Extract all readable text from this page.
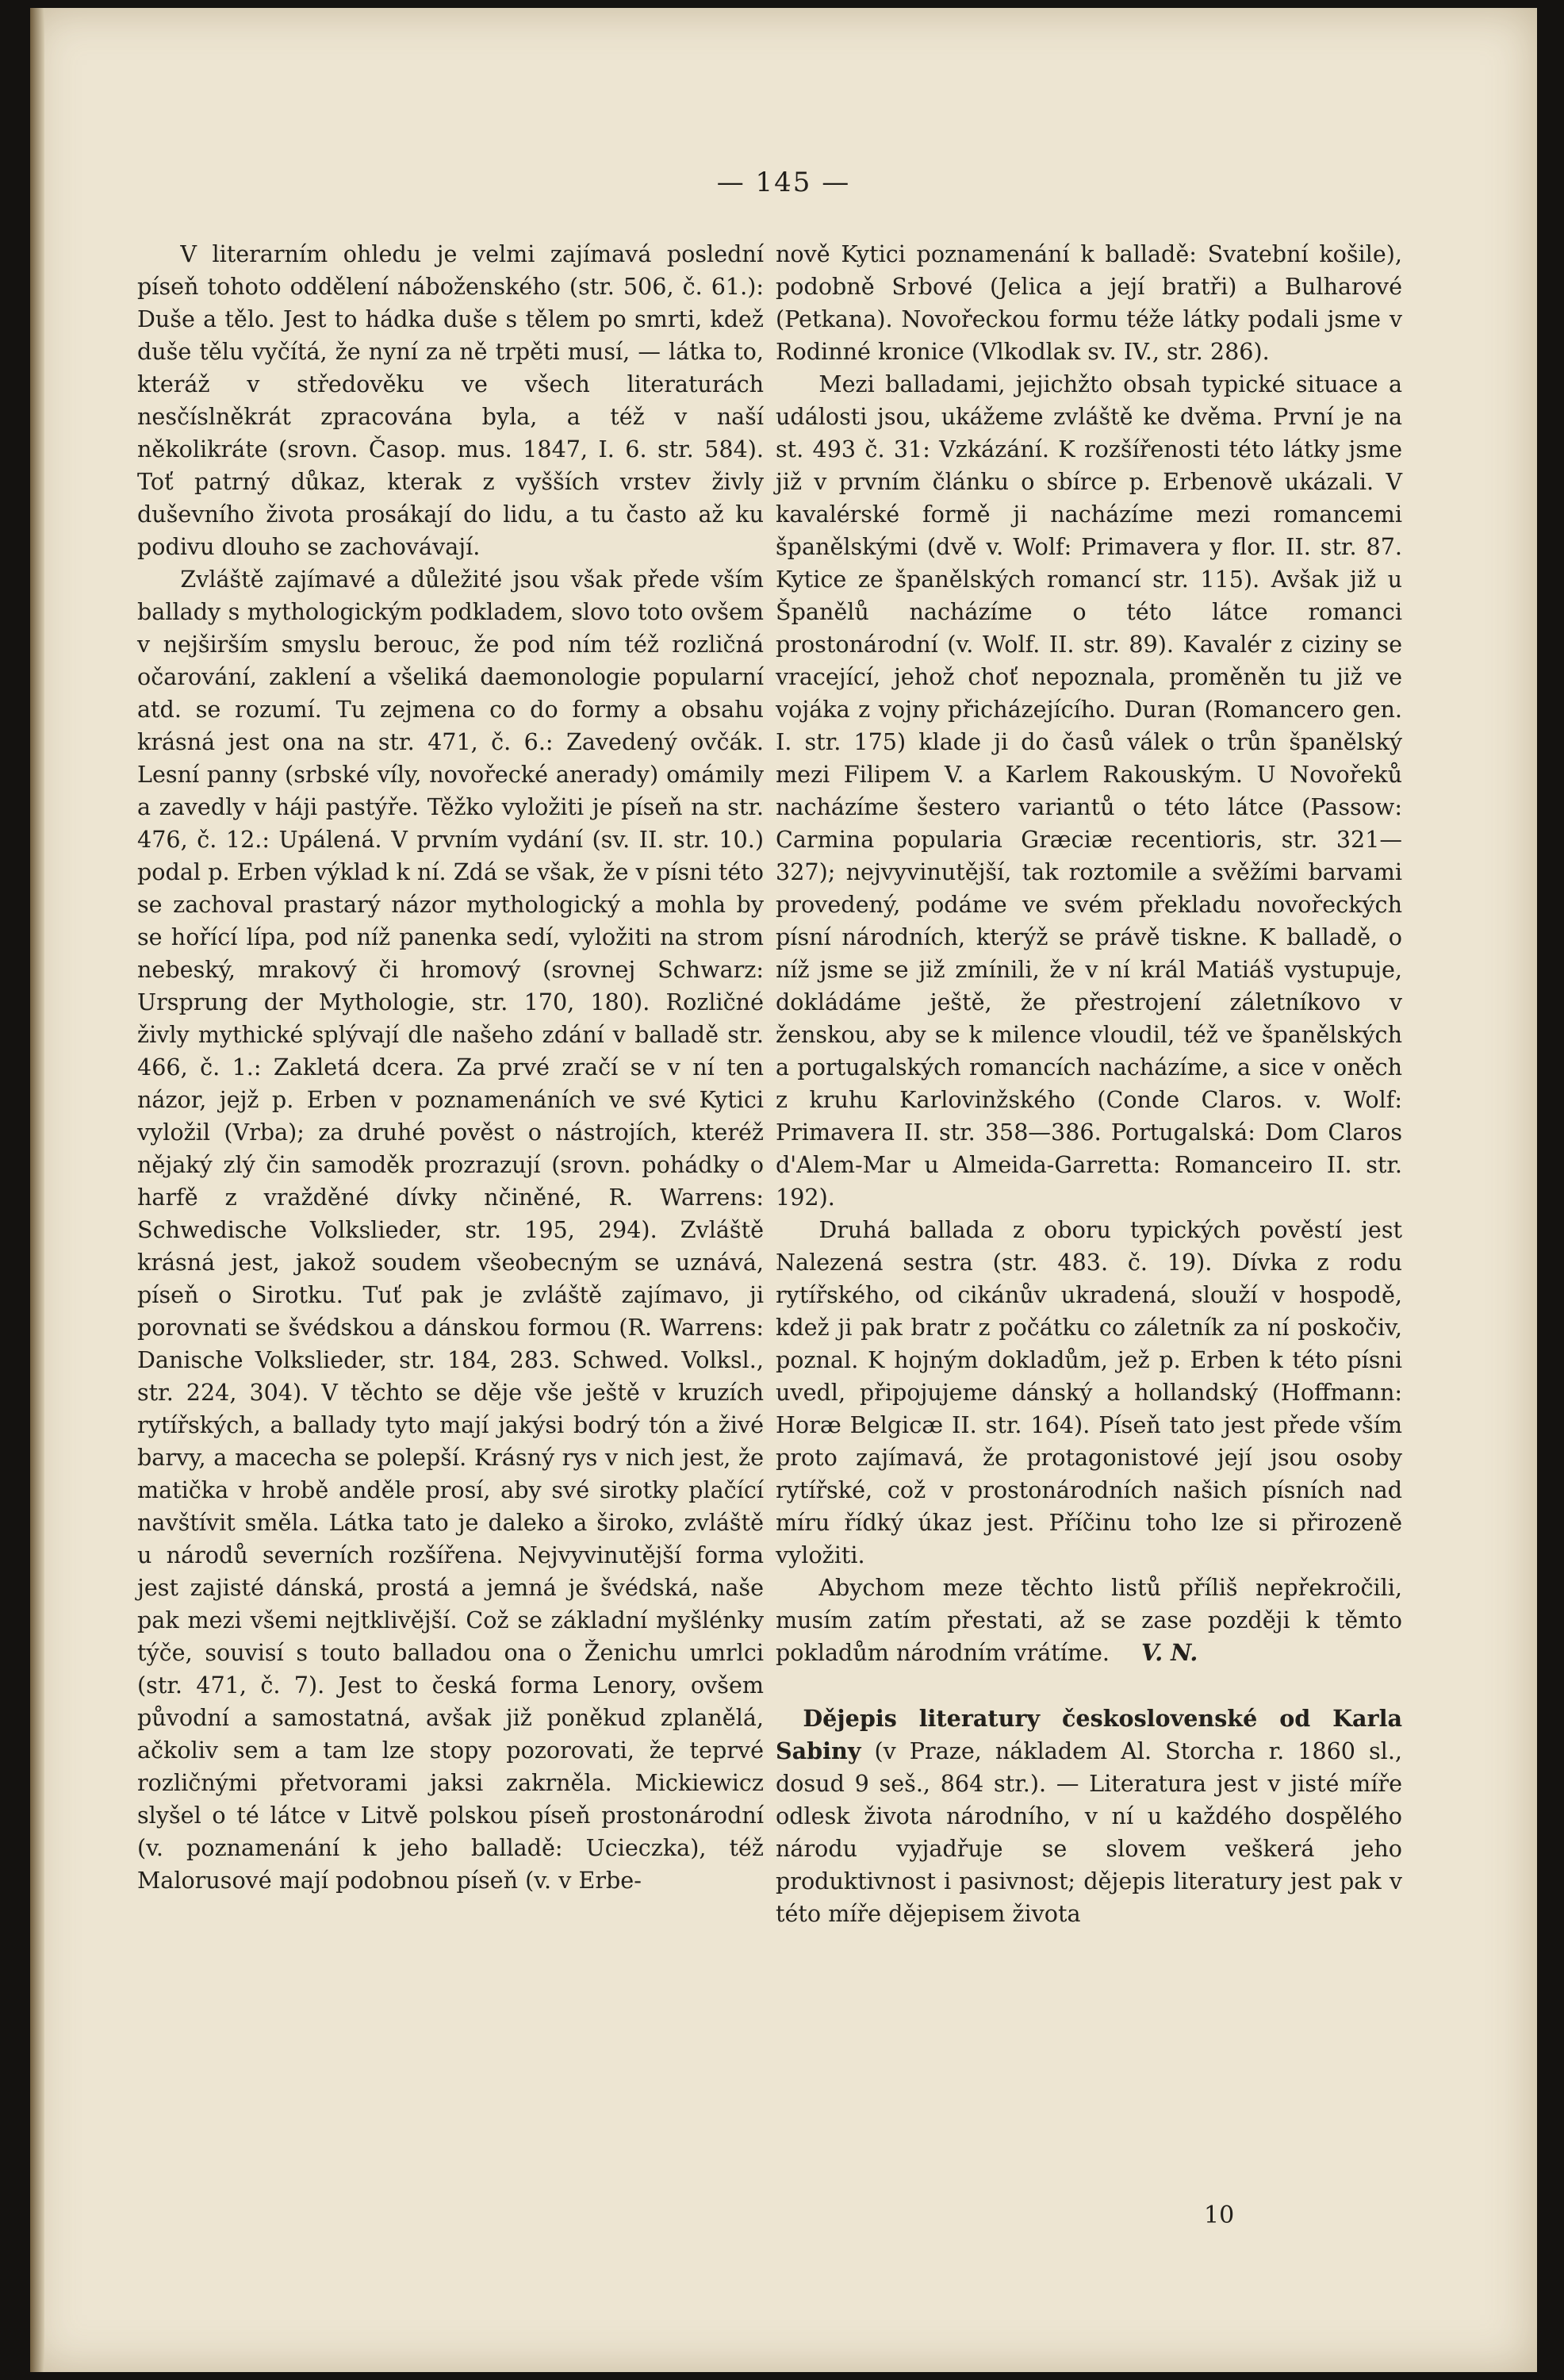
— 145 —

V literarním ohledu je velmi zajímavá poslední píseň tohoto oddělení náboženského (str. 506, č. 61.): Duše a tělo. Jest to hádka duše s tělem po smrti, kdež duše tělu vyčítá, že nyní za ně trpěti musí, — látka to, kteráž v středověku ve všech literaturách nesčíslněkrát zpracována byla, a též v naší několikráte (srovn. Časop. mus. 1847, I. 6. str. 584). Toť patrný důkaz, kterak z vyšších vrstev živly duševního života prosákají do lidu, a tu často až ku podivu dlouho se zachovávají.

Zvláště zajímavé a důležité jsou však přede vším ballady s mythologickým podkladem, slovo toto ovšem v nejširším smyslu berouc, že pod ním též rozličná očarování, zaklení a všeliká daemonologie popularní atd. se rozumí. Tu zejmena co do formy a obsahu krásná jest ona na str. 471, č. 6.: Zavedený ovčák. Lesní panny (srbské víly, novořecké aneradу) omámily a zavedly v háji pastýře. Těžko vyložiti je píseň na str. 476, č. 12.: Upálená. V prvním vydání (sv. II. str. 10.) podal p. Erben výklad k ní. Zdá se však, že v písni této se zachoval prastarý názor mythologický a mohla by se hořící lípa, pod níž panenka sedí, vyložiti na strom nebeský, mrakový či hromový (srovnej Schwarz: Ursprung der Mythologie, str. 170, 180). Rozličné živly mythické splývají dle našeho zdání v balladě str. 466, č. 1.: Zakletá dcera. Za prvé zračí se v ní ten názor, jejž p. Erben v poznamenáních ve své Kytici vyložil (Vrba); za druhé pověst o nástrojích, kteréž nějaký zlý čin samoděk prozrazují (srovn. pohádky o harfě z vražděné dívky nčiněné, R. Warrens: Schwedische Volkslieder, str. 195, 294). Zvláště krásná jest, jakož soudem všeobecným se uznává, píseň o Sirotku. Tuť pak je zvláště zajímavo, ji porovnati se švédskou a dánskou formou (R. Warrens: Danische Volkslieder, str. 184, 283. Schwed. Volksl., str. 224, 304). V těchto se děje vše ještě v kruzích rytířských, a ballady tyto mají jakýsi bodrý tón a živé barvy, a macecha se polepší. Krásný rys v nich jest, že matička v hrobě anděle prosí, aby své sirotky plačící navštívit směla. Látka tato je daleko a široko, zvláště u národů severních rozšířena. Nejvyvinutější forma jest zajisté dánská, prostá a jemná je švédská, naše pak mezi všemi nejtklivější. Což se základní myšlénky týče, souvisí s touto balladou ona o Ženichu umrlci (str. 471, č. 7). Jest to česká forma Lenory, ovšem původní a samostatná, avšak již poněkud zplanělá, ačkoliv sem a tam lze stopy pozorovati, že teprvé rozličnými přetvorami jaksi zakrněla. Mickiewicz slyšel o té látce v Litvě polskou píseň prostonárodní (v. poznamenání k jeho balladě: Ucieczka), též Malorusové mají podobnou píseň (v. v Erbe-

nově Kytici poznamenání k balladě: Svatební košile), podobně Srbové (Jelica a její bratři) a Bulharové (Petkana). Novořeckou formu téže látky podali jsme v Rodinné kronice (Vlkodlak sv. IV., str. 286).

Mezi balladami, jejichžto obsah typické situace a události jsou, ukážeme zvláště ke dvěma. První je na st. 493 č. 31: Vzkázání. K rozšířenosti této látky jsme již v prvním článku o sbírce p. Erbenově ukázali. V kavalérské formě ji nacházíme mezi romancemi španělskými (dvě v. Wolf: Primavera y flor. II. str. 87. Kytice ze španělských romancí str. 115). Avšak již u Španělů nacházíme o této látce romanci prostonárodní (v. Wolf. II. str. 89). Kavalér z ciziny se vracející, jehož choť nepoznala, proměněn tu již ve vojáka z vojny přicházejícího. Duran (Romancero gen. I. str. 175) klade ji do časů válek o trůn španělský mezi Filipem V. a Karlem Rakouským. U Novořeků nacházíme šestero variantů o této látce (Passow: Carmina popularia Græciæ recentioris, str. 321—327); nejvyvinutější, tak roztomile a svěžími barvami provedený, podáme ve svém překladu novořeckých písní národních, kterýž se právě tiskne. K balladě, o níž jsme se již zmínili, že v ní král Matiáš vystupuje, dokládáme ještě, že přestrojení záletníkovo v ženskou, aby se k milence vloudil, též ve španělských a portugalských romancích nacházíme, a sice v oněch z kruhu Karlovinžského (Conde Claros. v. Wolf: Primavera II. str. 358—386. Portugalská: Dom Claros d'Alem-Mar u Almeida-Garretta: Romanceiro II. str. 192).

Druhá ballada z oboru typických pověstí jest Nalezená sestra (str. 483. č. 19). Dívka z rodu rytířského, od cikánův ukradená, slouží v hospodě, kdež ji pak bratr z počátku co záletník za ní poskočiv, poznal. K hojným dokladům, jež p. Erben k této písni uvedl, připojujeme dánský a hollandský (Hoffmann: Horæ Belgicæ II. str. 164). Píseň tato jest přede vším proto zajímavá, že protagonistové její jsou osoby rytířské, což v prostonárodních našich písních nad míru řídký úkaz jest. Příčinu toho lze si přirozeně vyložiti.

Abychom meze těchto listů příliš nepřekročili, musím zatím přestati, až se zase později k těmto pokladům národním vrátíme. V. N.

Dějepis literatury československé od Karla Sabiny (v Praze, nákladem Al. Storcha r. 1860 sl., dosud 9 seš., 864 str.). — Literatura jest v jisté míře odlesk života národního, v ní u každého dospělého národu vyjadřuje se slovem veškerá jeho produktivnost i pasivnost; dějepis literatury jest pak v této míře dějepisem života

10
